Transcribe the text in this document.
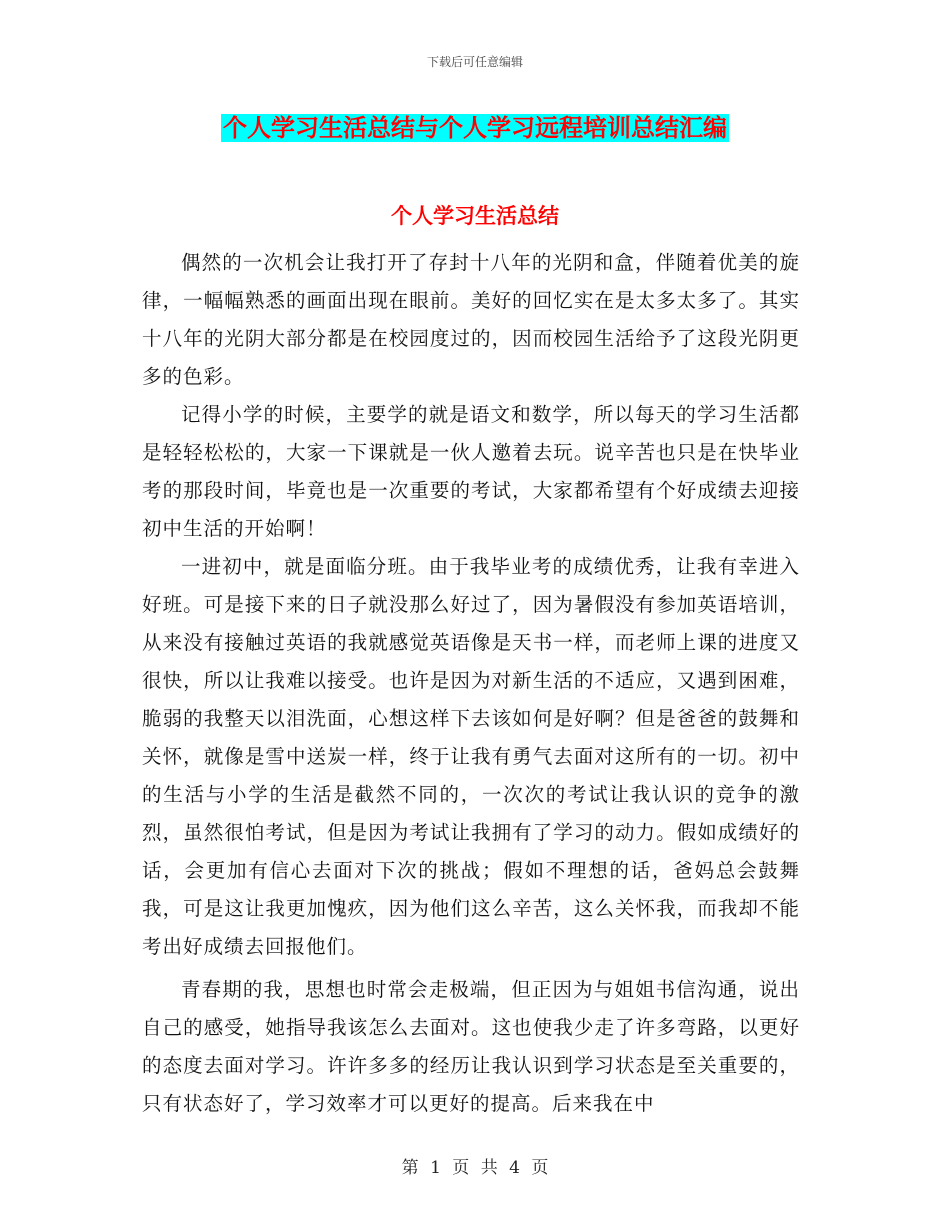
下载后可任意编辑
个人学习生活总结与个人学习远程培训总结汇编
个人学习生活总结

偶然的一次机会让我打开了存封十八年的光阴和盒，伴随着优美的旋律，一幅幅熟悉的画面出现在眼前。美好的回忆实在是太多太多了。其实十八年的光阴大部分都是在校园度过的，因而校园生活给予了这段光阴更多的色彩。

记得小学的时候，主要学的就是语文和数学，所以每天的学习生活都是轻轻松松的，大家一下课就是一伙人邀着去玩。说辛苦也只是在快毕业考的那段时间，毕竟也是一次重要的考试，大家都希望有个好成绩去迎接初中生活的开始啊！

一进初中，就是面临分班。由于我毕业考的成绩优秀，让我有幸进入好班。可是接下来的日子就没那么好过了，因为暑假没有参加英语培训，从来没有接触过英语的我就感觉英语像是天书一样，而老师上课的进度又很快，所以让我难以接受。也许是因为对新生活的不适应，又遇到困难，脆弱的我整天以泪洗面，心想这样下去该如何是好啊？但是爸爸的鼓舞和关怀，就像是雪中送炭一样，终于让我有勇气去面对这所有的一切。初中的生活与小学的生活是截然不同的，一次次的考试让我认识的竞争的激烈，虽然很怕考试，但是因为考试让我拥有了学习的动力。假如成绩好的话，会更加有信心去面对下次的挑战；假如不理想的话，爸妈总会鼓舞我，可是这让我更加愧疚，因为他们这么辛苦，这么关怀我，而我却不能考出好成绩去回报他们。

青春期的我，思想也时常会走极端，但正因为与姐姐书信沟通，说出自己的感受，她指导我该怎么去面对。这也使我少走了许多弯路，以更好的态度去面对学习。许许多多的经历让我认识到学习状态是至关重要的，只有状态好了，学习效率才可以更好的提高。后来我在中

第 1 页 共 4 页
